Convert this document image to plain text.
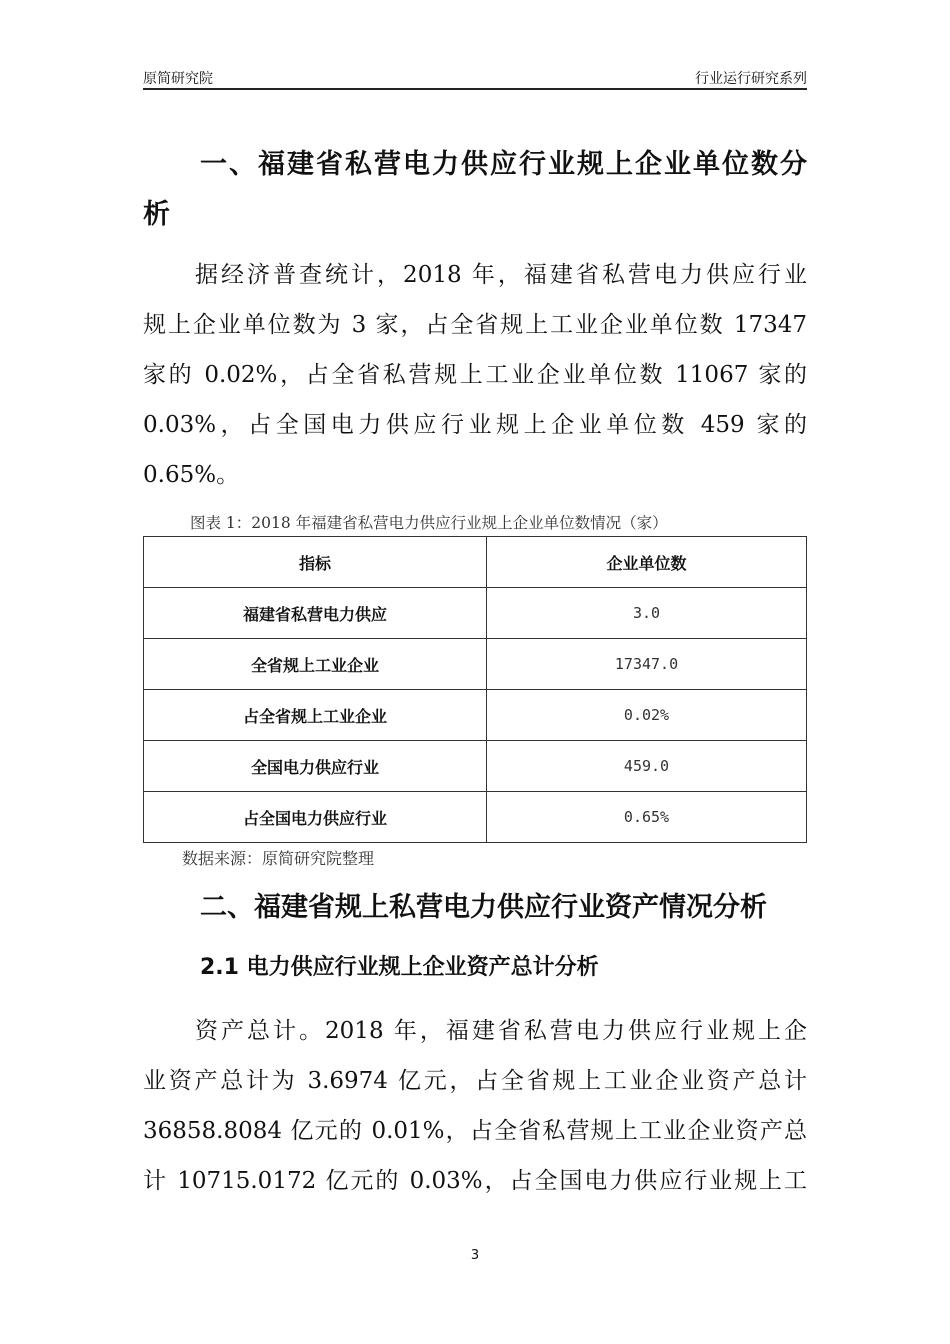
原简研究院	行业运行研究系列
一、福建省私营电力供应行业规上企业单位数分
析
　　据经济普查统计，2018 年，福建省私营电力供应行业
规上企业单位数为 3 家，占全省规上工业企业单位数 17347
家的 0.02%，占全省私营规上工业企业单位数 11067 家的
0.03%，占全国电力供应行业规上企业单位数 459 家的
0.65%。
图表 1：2018 年福建省私营电力供应行业规上企业单位数情况（家）
指标	企业单位数
福建省私营电力供应	3.0
全省规上工业企业	17347.0
占全省规上工业企业	0.02%
全国电力供应行业	459.0
占全国电力供应行业	0.65%
数据来源：原简研究院整理
二、福建省规上私营电力供应行业资产情况分析
2.1 电力供应行业规上企业资产总计分析
　　资产总计。2018 年，福建省私营电力供应行业规上企
业资产总计为 3.6974 亿元，占全省规上工业企业资产总计
36858.8084 亿元的 0.01%，占全省私营规上工业企业资产总
计 10715.0172 亿元的 0.03%，占全国电力供应行业规上工
3
